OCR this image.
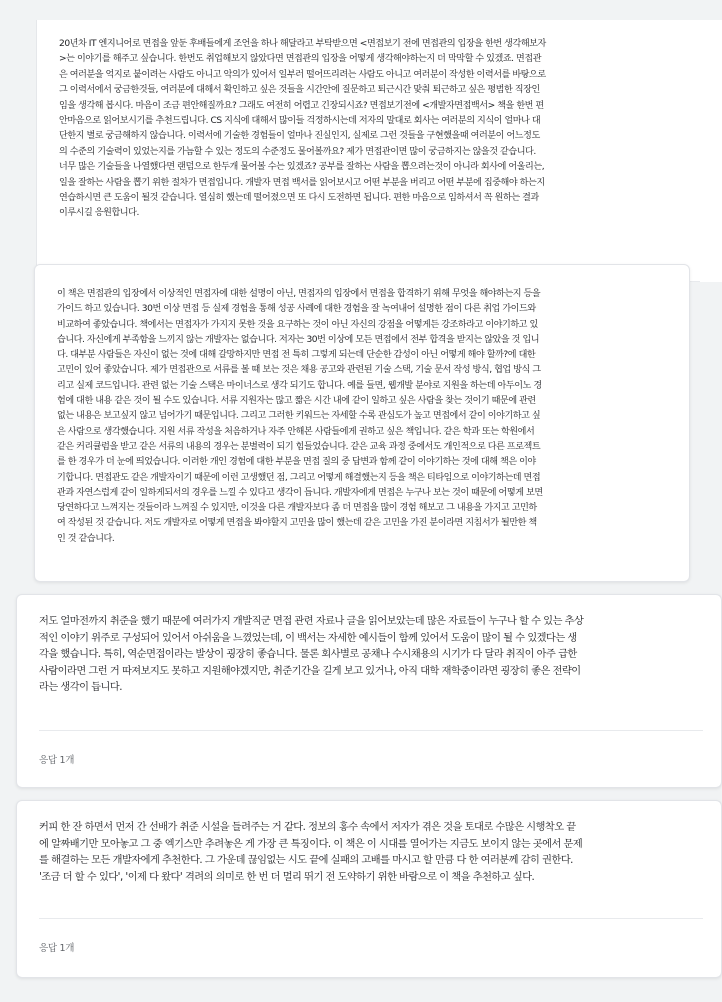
20년차 IT 엔지니어로 면접을 앞둔 후배들에게 조언을 하나 해달라고 부탁받으면 <면접보기 전에 면접관의 입장을 한번 생각해보자
>는 이야기를 해주고 싶습니다. 한번도 취업해보지 않았다면 면접관의 입장을 어떻게 생각해야하는지 더 막막할 수 있겠죠. 면접관
은 여러분을 억지로 붙이려는 사람도 아니고 악의가 있어서 일부러 떨어뜨리려는 사람도 아니고 여러분이 작성한 이력서를 바탕으로
그 이력서에서 궁금한것들, 여러분에 대해서 확인하고 싶은 것들을 시간안에 질문하고 퇴근시간 맞춰 퇴근하고 싶은 평범한 직장인
임을 생각해 봅시다. 마음이 조금 편안해질까요? 그래도 여전히 어렵고 긴장되시죠? 면접보기전에 <개발자면접백서> 책을 한번 편
안마음으로 읽어보시기를 추천드립니다. CS 지식에 대해서 많이들 걱정하시는데 저자의 말대로 회사는 여러분의 지식이 얼마나 대
단한지 별로 궁금해하지 않습니다. 이력서에 기술한 경험들이 얼마나 진실인지, 실제로 그런 것들을 구현했을때 여러분이 어느정도
의 수준의 기술력이 있었는지를 가늠할 수 있는 정도의 수준정도 물어볼까요? 제가 면접관이면 많이 궁금하지는 않을것 같습니다.
너무 많은 기술들을 나열했다면 랜덤으로 한두개 물어볼 수는 있겠죠? 공부를 잘하는 사람을 뽑으려는것이 아니라 회사에 어울리는,
일을 잘하는 사람을 뽑기 위한 절차가 면접입니다. 개발자 면접 백서를 읽어보시고 어떤 부분을 버리고 어떤 부분에 집중해야 하는지
연습하시면 큰 도움이 될것 같습니다. 열심히 했는데 떨어졌으면 또 다시 도전하면 됩니다. 편한 마음으로 임하셔서 꼭 원하는 결과
이루시길 응원합니다.
이 책은 면접관의 입장에서 이상적인 면접자에 대한 설명이 아닌, 면접자의 입장에서 면접을 합격하기 위해 무엇을 해야하는지 등을
가이드 하고 있습니다. 30번 이상 면접 등 실제 경험을 통해 성공 사례에 대한 경험을 잘 녹여내어 설명한 점이 다른 취업 가이드와
비교하여 좋았습니다. 책에서는 면접자가 가지지 못한 것을 요구하는 것이 아닌 자신의 강점을 어떻게든 강조하라고 이야기하고 있
습니다. 자신에게 부족함을 느끼지 않는 개발자는 없습니다. 저자는 30번 이상에 모든 면접에서 전부 합격을 받지는 않았을 것 입니
다. 대부분 사람들은 자신이 없는 것에 대해 갈망하지만 면접 전 특히 그렇게 되는데 단순한 감성이 아닌 어떻게 해야 할까?에 대한
고민이 있어 좋았습니다. 제가 면접관으로 서류를 볼 때 보는 것은 채용 공고와 관련된 기술 스택, 기술 문서 작성 방식, 협업 방식 그
리고 실제 코드입니다. 관련 없는 기술 스택은 마이너스로 생각 되기도 합니다. 예를 들면, 웹개발 분야로 지원을 하는데 아두이노 경
험에 대한 내용 같은 것이 될 수도 있습니다. 서류 지원자는 많고 짧은 시간 내에 같이 일하고 싶은 사람을 찾는 것이기 때문에 관련
없는 내용은 보고싶지 않고 넘어가기 때문입니다. 그리고 그러한 키워드는 자세할 수록 관심도가 높고 면접에서 같이 이야기하고 싶
은 사람으로 생각했습니다. 지원 서류 작성을 처음하거나 자주 안해본 사람들에게 권하고 싶은 책입니다. 같은 학과 또는 학원에서
같은 커리큘럼을 받고 같은 서류의 내용의 경우는 분별력이 되기 힘들었습니다. 같은 교육 과정 중에서도 개인적으로 다른 프로젝트
를 한 경우가 더 눈에 띄었습니다. 이러한 개인 경험에 대한 부분을 면접 질의 중 답변과 함께 같이 이야기하는 것에 대해 책은 이야
기합니다. 면접관도 같은 개발자이기 때문에 이런 고생했던 점, 그리고 어떻게 해결했는지 등을 책은 티타임으로 이야기하는데 면접
관과 자연스럽게 같이 일하게되서의 경우를 느낄 수 있다고 생각이 듭니다. 개발자에게 면접은 누구나 보는 것이 때문에 어떻게 보면
당연하다고 느껴지는 것들이라 느껴질 수 있지만, 이것을 다른 개발자보다 좀 더 면접을 많이 경험 해보고 그 내용을 가지고 고민하
여 작성된 것 같습니다. 저도 개발자로 어떻게 면접을 봐야할지 고민을 많이 했는데 같은 고민을 가진 분이라면 지침서가 될만한 책
인 것 같습니다.
저도 얼마전까지 취준을 했기 때문에 여러가지 개발직군 면접 관련 자료나 글을 읽어보았는데 많은 자료들이 누구나 할 수 있는 추상
적인 이야기 위주로 구성되어 있어서 아쉬움을 느꼈었는데, 이 백서는 자세한 예시들이 함께 있어서 도움이 많이 될 수 있겠다는 생
각을 했습니다. 특히, 역순면접이라는 발상이 굉장히 좋습니다. 물론 회사별로 공채나 수시채용의 시기가 다 달라 취직이 아주 급한
사람이라면 그런 거 따져보지도 못하고 지원해야겠지만, 취준기간을 길게 보고 있거나, 아직 대학 재학중이라면 굉장히 좋은 전략이
라는 생각이 듭니다.
응답 1개
커피 한 잔 하면서 먼저 간 선배가 취준 시설을 들려주는 거 같다. 정보의 홍수 속에서 저자가 겪은 것을 토대로 수많은 시행착오 끝
에 알짜배기만 모아놓고 그 중 엑기스만 추려놓은 게 가장 큰 특징이다. 이 책은 이 시대를 열어가는 지금도 보이지 않는 곳에서 문제
를 해결하는 모든 개발자에게 추천한다. 그 가운데 끊임없는 시도 끝에 실패의 고배를 마시고 할 만큼 다 한 여러분께 감히 권한다.
'조금 더 할 수 있다', '이제 다 왔다' 격려의 의미로 한 번 더 멀리 뛰기 전 도약하기 위한 바람으로 이 책을 추천하고 싶다.
응답 1개
